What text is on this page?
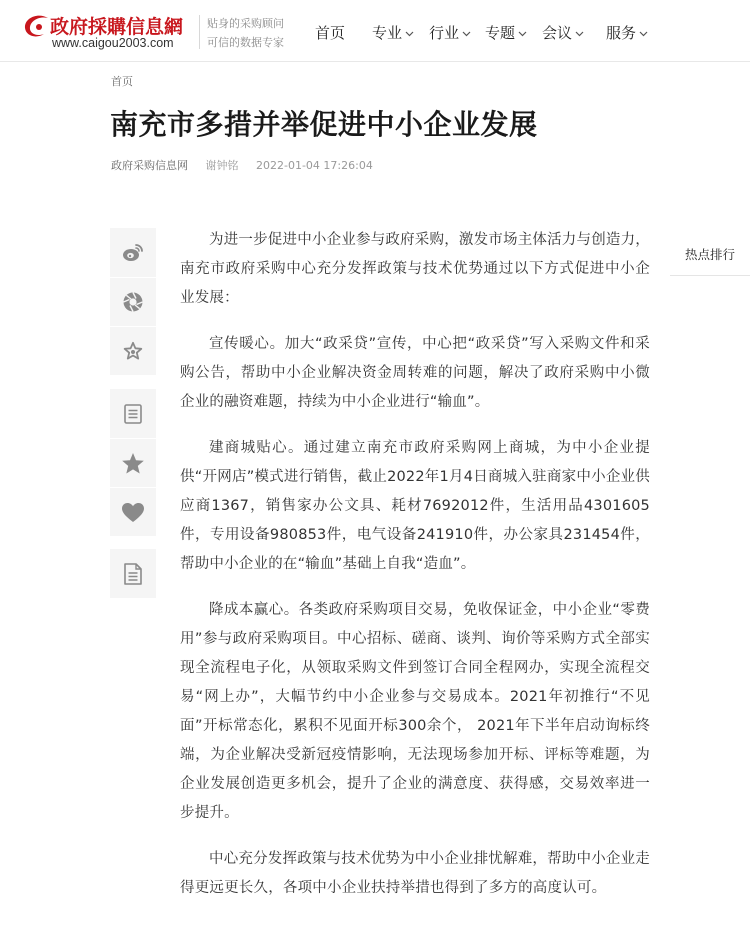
政府採購信息網
www.caigou2003.com
贴身的采购顾问
可信的数据专家
首页 专业	行业	专题	会议	服务
首页
南充市多措并举促进中小企业发展
政府采购信息网 谢钟铭 2022-01-04 17:26:04

为进一步促进中小企业参与政府采购，激发市场主体活力与创造力，南充市政府采购中心充分发挥政策与技术优势通过以下方式促进中小企业发展：

宣传暖心。加大“政采贷”宣传，中心把“政采贷”写入采购文件和采购公告，帮助中小企业解决资金周转难的问题，解决了政府采购中小微企业的融资难题，持续为中小企业进行“输血”。

建商城贴心。通过建立南充市政府采购网上商城，为中小企业提供“开网店”模式进行销售，截止2022年1月4日商城入驻商家中小企业供应商1367，销售家办公文具、耗材7692012件，生活用品4301605件，专用设备980853件，电气设备241910件，办公家具231454件，帮助中小企业的在“输血”基础上自我“造血”。

降成本赢心。各类政府采购项目交易，免收保证金，中小企业“零费用”参与政府采购项目。中心招标、磋商、谈判、询价等采购方式全部实现全流程电子化，从领取采购文件到签订合同全程网办，实现全流程交易“网上办”，大幅节约中小企业参与交易成本。2021年初推行“不见面”开标常态化，累积不见面开标300余个， 2021年下半年启动询标终端，为企业解决受新冠疫情影响，无法现场参加开标、评标等难题，为企业发展创造更多机会，提升了企业的满意度、获得感，交易效率进一步提升。

中心充分发挥政策与技术优势为中小企业排忧解难，帮助中小企业走得更远更长久，各项中小企业扶持举措也得到了多方的高度认可。

热点排行
